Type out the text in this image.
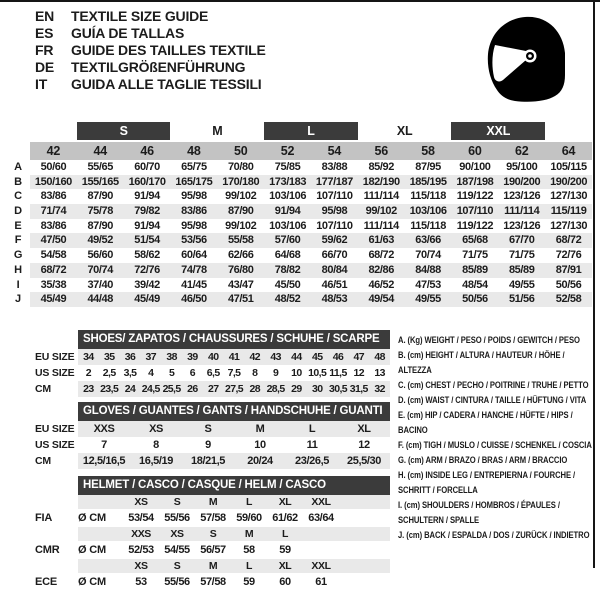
EN	TEXTILE SIZE GUIDE
ES	GUÍA DE TALLAS
FR	GUIDE DES TAILLES TEXTILE
DE	TEXTILGRÖßENFÜHRUNG
IT	GUIDA ALLE TAGLIE TESSILI
S	M	L	XL	XXL
42	44	46	48	50	52	54	56	58	60	62	64
A	50/60	55/65	60/70	65/75	70/80	75/85	83/88	85/92	87/95	90/100	95/100	105/115
B	150/160 155/165 160/170 165/175 170/180 173/183 177/187 182/190 185/195 187/198 190/200 190/200
C	83/86	87/90	91/94	95/98	99/102	103/106 107/110	111/114	115/118 119/122 123/126 127/130
D	71/74	75/78	79/82	83/86	87/90	91/94	95/98	99/102	103/106 107/110	111/114	115/119
E	83/86	87/90	91/94	95/98	99/102	103/106 107/110	111/114	115/118 119/122 123/126 127/130
F	47/50	49/52	51/54	53/56	55/58	57/60	59/62	61/63	63/66	65/68	67/70	68/72
G	54/58	56/60	58/62	60/64	62/66	64/68	66/70	68/72	70/74	71/75	71/75	72/76
H	68/72	70/74	72/76	74/78	76/80	78/82	80/84	82/86	84/88	85/89	85/89	87/91
I	35/38	37/40	39/42	41/45	43/47	45/50	46/51	46/52	47/53	48/54	49/55	50/56
J	45/49	44/48	45/49	46/50	47/51	48/52	48/53	49/54	49/55	50/56	51/56	52/58
SHOES/ ZAPATOS / CHAUSSURES / SCHUHE / SCARPE
EU SIZE 34 35 36 37 38 39 40 41 42 43 44 45 46 47 48
US SIZE	2	2,5 3,5	4	5	6	6,5 7,5	8	9	10 10,5 11,5 12 13
CM	23 23,5 24 24,5 25,5 26 27 27,5 28 28,5 29 30 30,5 31,5 32
GLOVES / GUANTES / GANTS / HANDSCHUHE / GUANTI
EU SIZE	XXS	XS	S	M	L	XL
US SIZE	7	8	9	10	11	12
CM	12,5/16,5	16,5/19	18/21,5	20/24	23/26,5	25,5/30
HELMET / CASCO / CASQUE / HELM / CASCO
XS	S	M	L	XL	XXL
FIA	Ø CM	53/54 55/56 57/58 59/60 61/62 63/64
XXS	XS	S	M	L
CMR	Ø CM	52/53 54/55 56/57	58	59
XS	S	M	L	XL	XXL
ECE	Ø CM	53	55/56 57/58	59	60	61
A. (Kg) WEIGHT / PESO / POIDS / GEWITCH / PESO
B. (cm) HEIGHT / ALTURA / HAUTEUR / HÖHE / ALTEZZA
C. (cm) CHEST / PECHO / POITRINE / TRUHE / PETTO
D. (cm) WAIST / CINTURA / TAILLE / HÜFTUNG / VITA
E. (cm) HIP / CADERA / HANCHE / HÜFTE / HIPS / BACINO
F. (cm) TIGH / MUSLO / CUISSE / SCHENKEL / COSCIA
G. (cm) ARM / BRAZO / BRAS / ARM / BRACCIO
H. (cm) INSIDE LEG / ENTREPIERNA / FOURCHE / SCHRITT / FORCELLA
I. (cm) SHOULDERS / HOMBROS / ÉPAULES / SCHULTERN / SPALLE
J. (cm) BACK / ESPALDA / DOS / ZURÜCK / INDIETRO
